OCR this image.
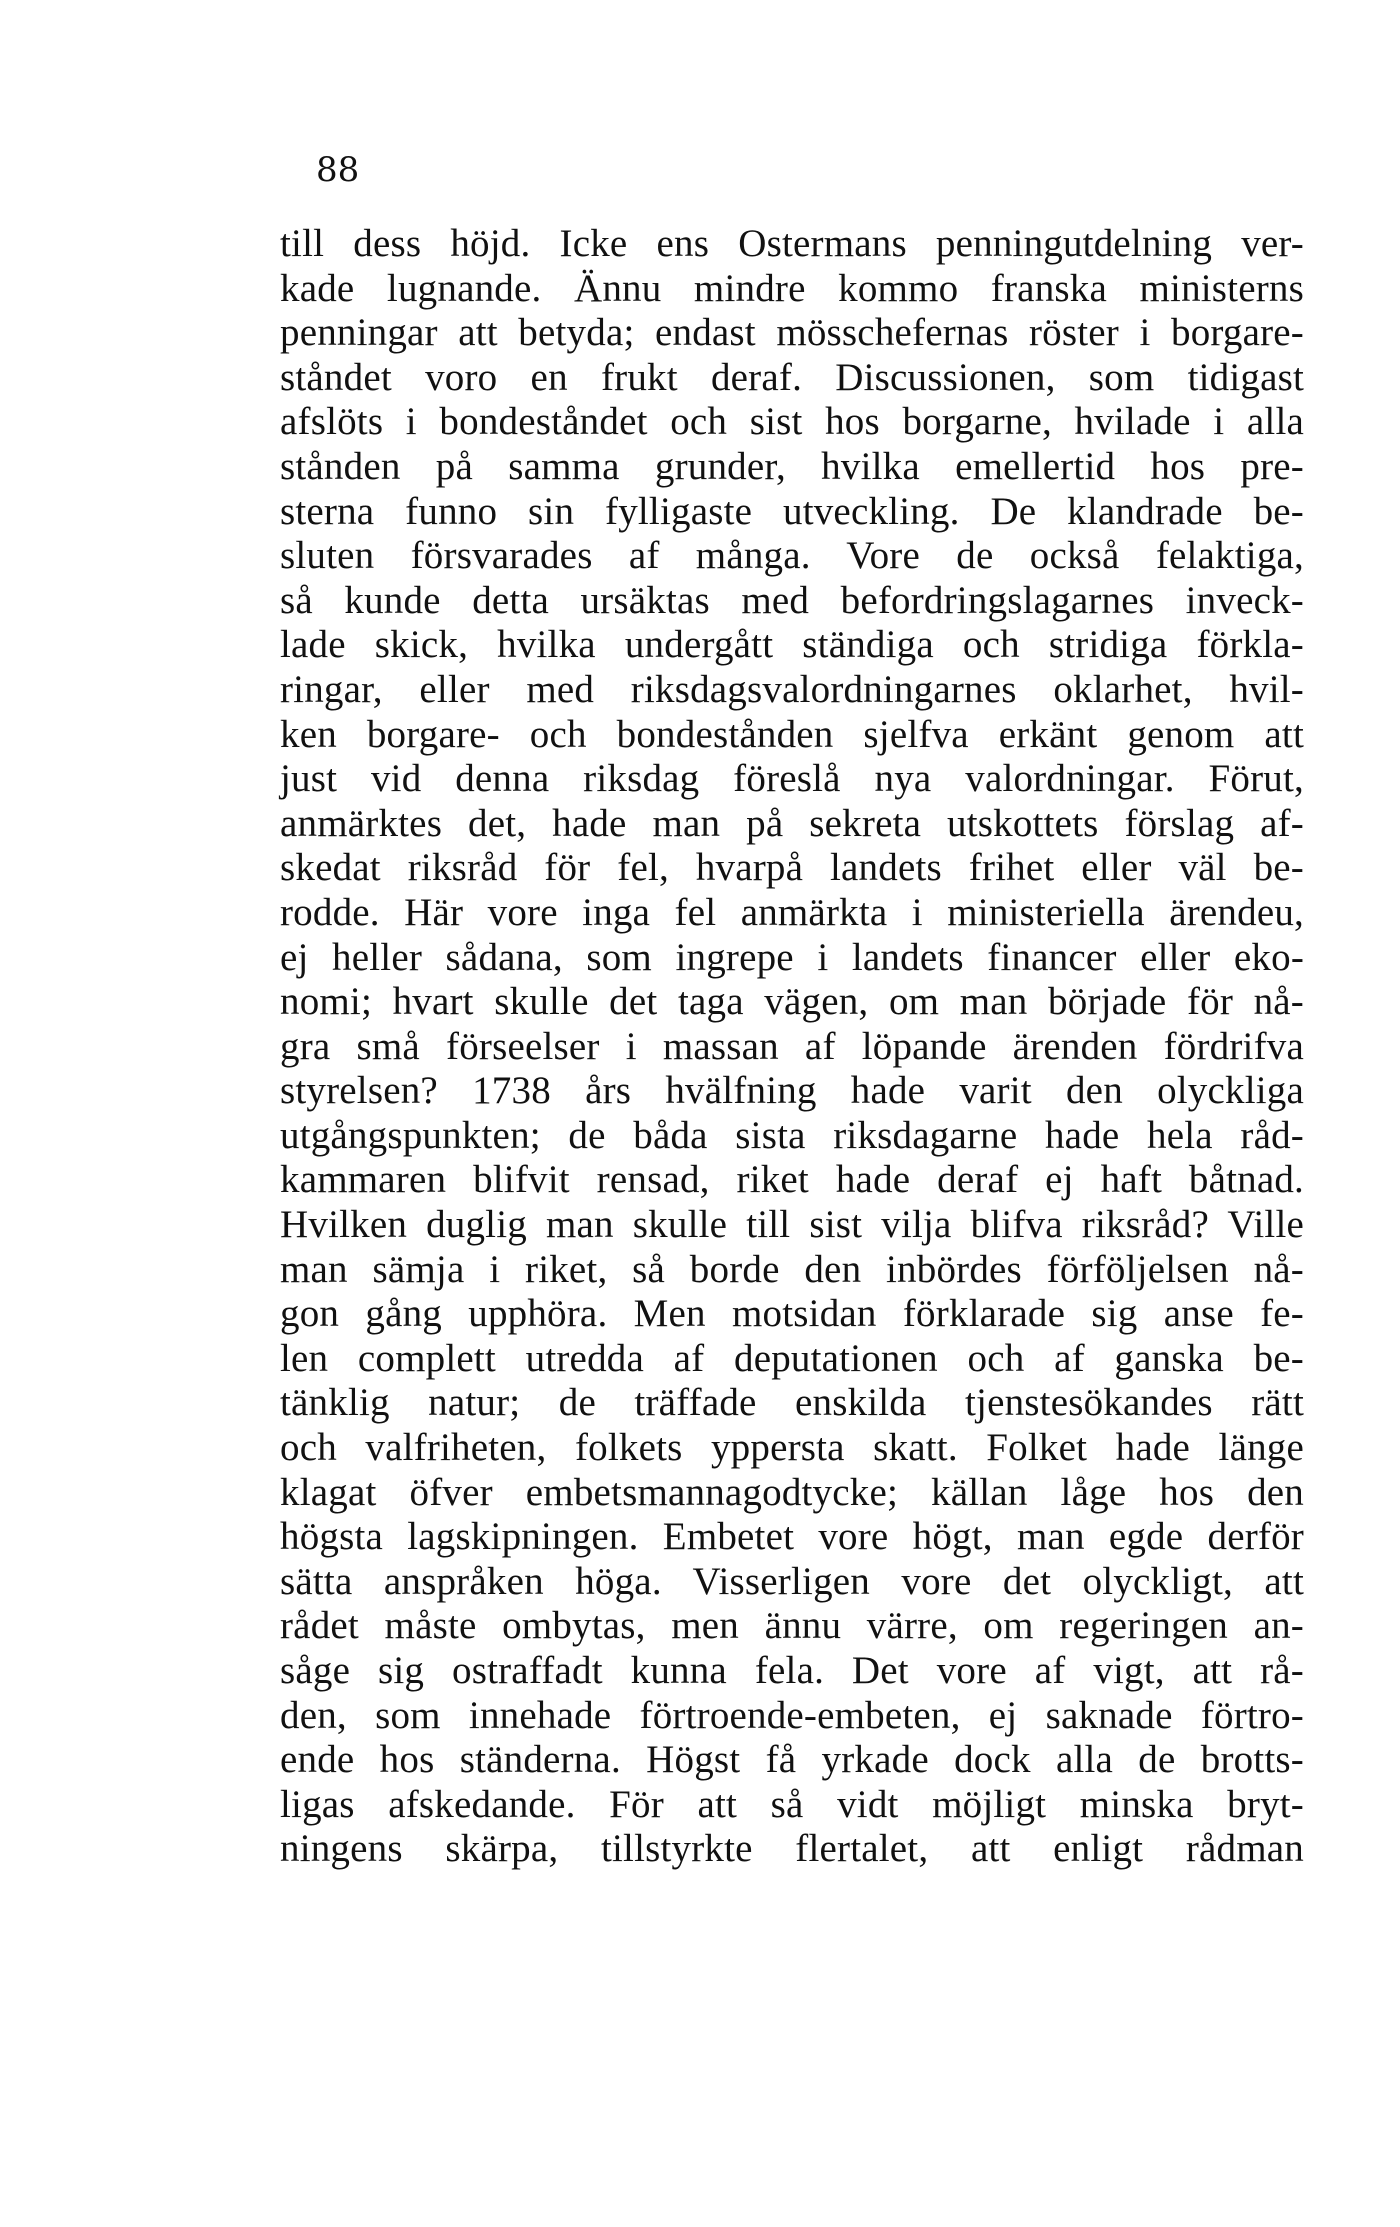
88
till dess höjd. Icke ens Ostermans penningutdelning ver-
kade lugnande. Ännu mindre kommo franska ministerns
penningar att betyda; endast mösschefernas röster i borgare-
ståndet voro en frukt deraf. Discussionen, som tidigast
afslöts i bondeståndet och sist hos borgarne, hvilade i alla
stånden på samma grunder, hvilka emellertid hos pre-
sterna funno sin fylligaste utveckling. De klandrade be-
sluten försvarades af många. Vore de också felaktiga,
så kunde detta ursäktas med befordringslagarnes inveck-
lade skick, hvilka undergått ständiga och stridiga förkla-
ringar, eller med riksdagsvalordningarnes oklarhet, hvil-
ken borgare- och bondestånden sjelfva erkänt genom att
just vid denna riksdag föreslå nya valordningar. Förut,
anmärktes det, hade man på sekreta utskottets förslag af-
skedat riksråd för fel, hvarpå landets frihet eller väl be-
rodde. Här vore inga fel anmärkta i ministeriella ärendeu,
ej heller sådana, som ingrepe i landets financer eller eko-
nomi; hvart skulle det taga vägen, om man började för nå-
gra små förseelser i massan af löpande ärenden fördrifva
styrelsen? 1738 års hvälfning hade varit den olyckliga
utgångspunkten; de båda sista riksdagarne hade hela råd-
kammaren blifvit rensad, riket hade deraf ej haft båtnad.
Hvilken duglig man skulle till sist vilja blifva riksråd? Ville
man sämja i riket, så borde den inbördes förföljelsen nå-
gon gång upphöra. Men motsidan förklarade sig anse fe-
len complett utredda af deputationen och af ganska be-
tänklig natur; de träffade enskilda tjenstesökandes rätt
och valfriheten, folkets yppersta skatt. Folket hade länge
klagat öfver embetsmannagodtycke; källan låge hos den
högsta lagskipningen. Embetet vore högt, man egde derför
sätta anspråken höga. Visserligen vore det olyckligt, att
rådet måste ombytas, men ännu värre, om regeringen an-
såge sig ostraffadt kunna fela. Det vore af vigt, att rå-
den, som innehade förtroende-embeten, ej saknade förtro-
ende hos ständerna. Högst få yrkade dock alla de brotts-
ligas afskedande. För att så vidt möjligt minska bryt-
ningens skärpa, tillstyrkte flertalet, att enligt rådman
